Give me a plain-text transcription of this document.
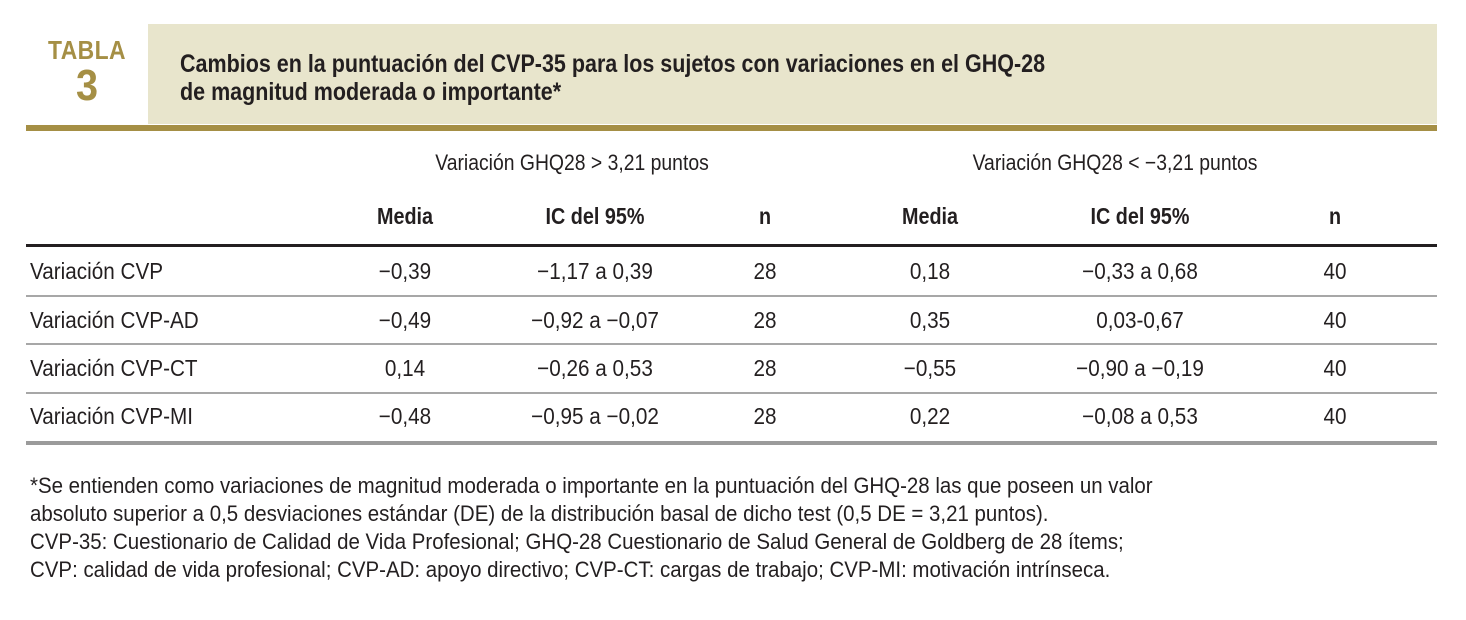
TABLA
3	Cambios en la puntuación del CVP-35 para los sujetos con variaciones en el GHQ-28
de magnitud moderada o importante*
Variación GHQ28 > 3,21 puntos	Variación GHQ28 < −3,21 puntos
Media	IC del 95%	n	Media	IC del 95%	n
Variación CVP	−0,39	−1,17 a 0,39	28	0,18	−0,33 a 0,68	40
Variación CVP-AD	−0,49	−0,92 a −0,07	28	0,35	0,03-0,67	40
Variación CVP-CT	0,14	−0,26 a 0,53	28	−0,55	−0,90 a −0,19	40
Variación CVP-MI	−0,48	−0,95 a −0,02	28	0,22	−0,08 a 0,53	40
*Se entienden como variaciones de magnitud moderada o importante en la puntuación del GHQ-28 las que poseen un valor
absoluto superior a 0,5 desviaciones estándar (DE) de la distribución basal de dicho test (0,5 DE = 3,21 puntos).
CVP-35: Cuestionario de Calidad de Vida Profesional; GHQ-28 Cuestionario de Salud General de Goldberg de 28 ítems;
CVP: calidad de vida profesional; CVP-AD: apoyo directivo; CVP-CT: cargas de trabajo; CVP-MI: motivación intrínseca.
